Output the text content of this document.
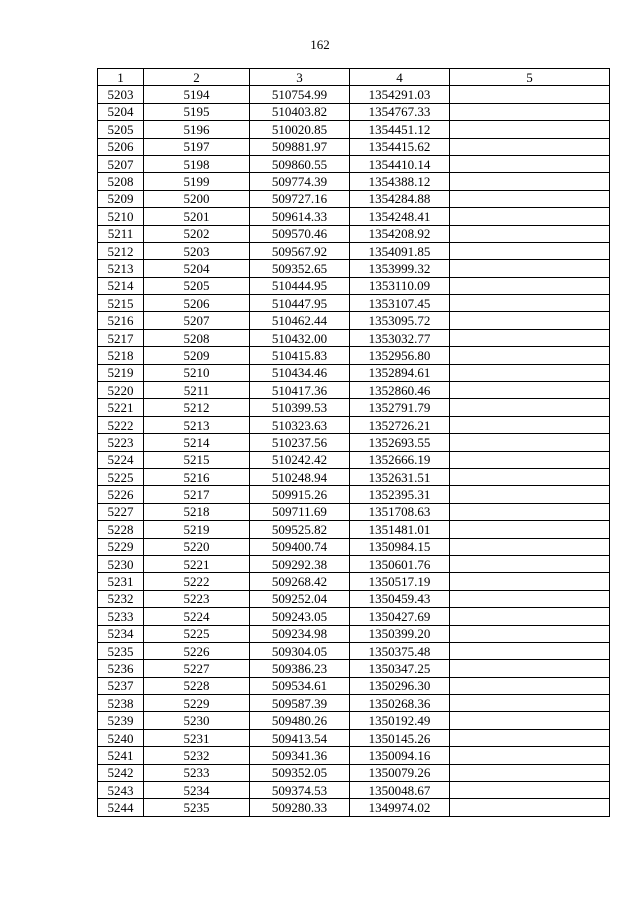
162
1	2	3	4	5
5203	5194	510754.99	1354291.03	
5204	5195	510403.82	1354767.33	
5205	5196	510020.85	1354451.12	
5206	5197	509881.97	1354415.62	
5207	5198	509860.55	1354410.14	
5208	5199	509774.39	1354388.12	
5209	5200	509727.16	1354284.88	
5210	5201	509614.33	1354248.41	
5211	5202	509570.46	1354208.92	
5212	5203	509567.92	1354091.85	
5213	5204	509352.65	1353999.32	
5214	5205	510444.95	1353110.09	
5215	5206	510447.95	1353107.45	
5216	5207	510462.44	1353095.72	
5217	5208	510432.00	1353032.77	
5218	5209	510415.83	1352956.80	
5219	5210	510434.46	1352894.61	
5220	5211	510417.36	1352860.46	
5221	5212	510399.53	1352791.79	
5222	5213	510323.63	1352726.21	
5223	5214	510237.56	1352693.55	
5224	5215	510242.42	1352666.19	
5225	5216	510248.94	1352631.51	
5226	5217	509915.26	1352395.31	
5227	5218	509711.69	1351708.63	
5228	5219	509525.82	1351481.01	
5229	5220	509400.74	1350984.15	
5230	5221	509292.38	1350601.76	
5231	5222	509268.42	1350517.19	
5232	5223	509252.04	1350459.43	
5233	5224	509243.05	1350427.69	
5234	5225	509234.98	1350399.20	
5235	5226	509304.05	1350375.48	
5236	5227	509386.23	1350347.25	
5237	5228	509534.61	1350296.30	
5238	5229	509587.39	1350268.36	
5239	5230	509480.26	1350192.49	
5240	5231	509413.54	1350145.26	
5241	5232	509341.36	1350094.16	
5242	5233	509352.05	1350079.26	
5243	5234	509374.53	1350048.67	
5244	5235	509280.33	1349974.02	
